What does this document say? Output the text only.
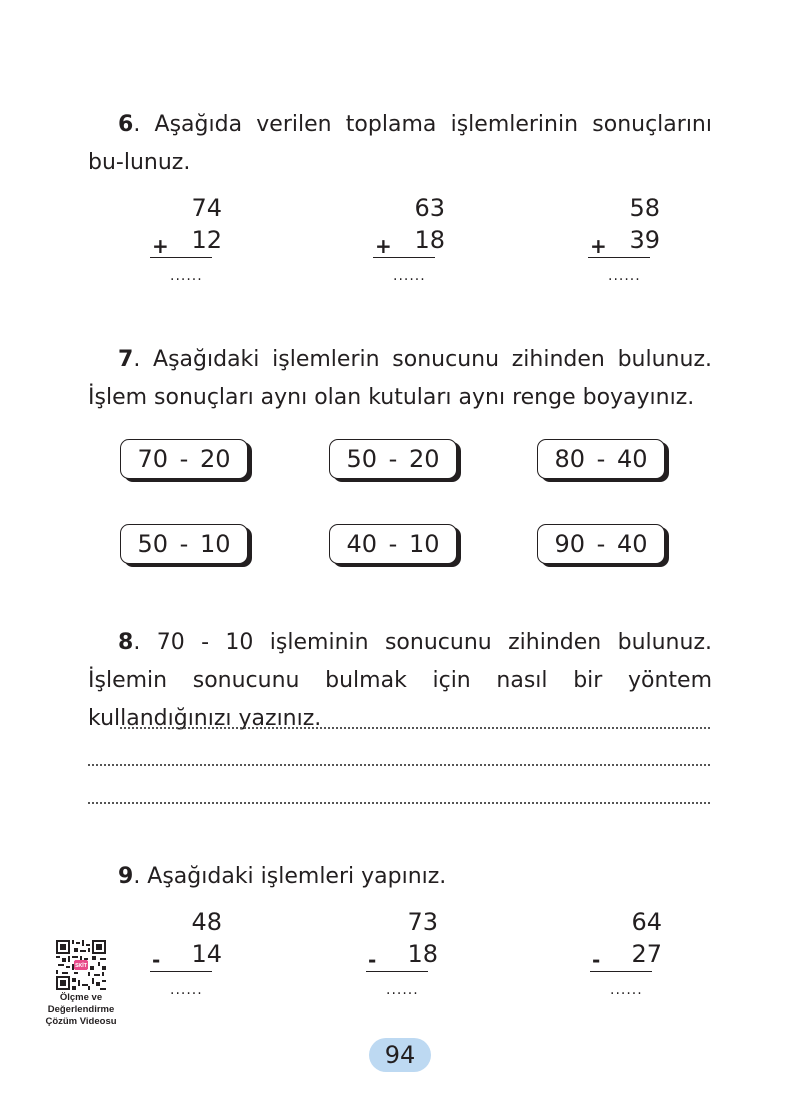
6. Aşağıda verilen toplama işlemlerinin sonuçlarını bu-lunuz.
74
+ 12
......
63
+ 18
......
58
+ 39
......
7. Aşağıdaki işlemlerin sonucunu zihinden bulunuz. İşlem sonuçları aynı olan kutuları aynı renge boyayınız.
70 - 20	50 - 20	80 - 40
50 - 10	40 - 10	90 - 40
8. 70 - 10 işleminin sonucunu zihinden bulunuz. İşlemin sonucunu bulmak için nasıl bir yöntem kullandığınızı yazınız.
9. Aşağıdaki işlemleri yapınız.
48
- 14
......
73
- 18
......
64
- 27
......
SKİT
Ölçme ve
Değerlendirme
Çözüm Videosu
94
